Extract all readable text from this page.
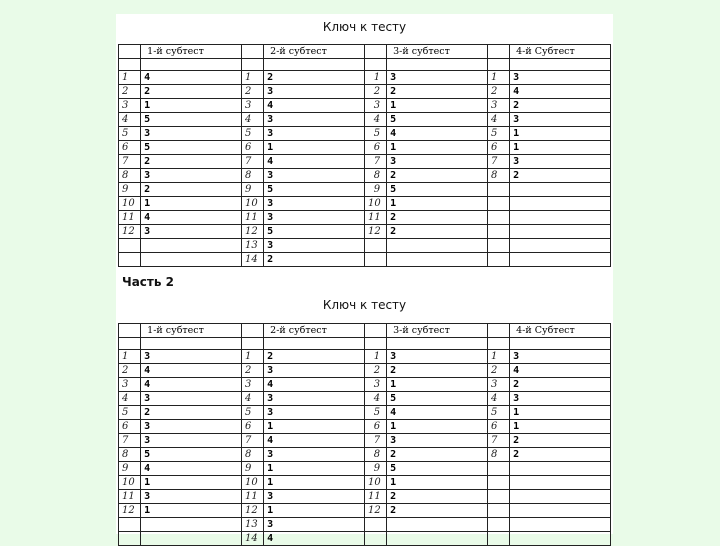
Ключ к тесту
	1-й субтест		2-й субтест		3-й субтест		4-й Субтест

1	4	1	2	1	3	1	3
2	2	2	3	2	2	2	4
3	1	3	4	3	1	3	2
4	5	4	3	4	5	4	3
5	3	5	3	5	4	5	1
6	5	6	1	6	1	6	1
7	2	7	4	7	3	7	3
8	3	8	3	8	2	8	2
9	2	9	5	9	5		
10	1	10	3	10	1		
11	4	11	3	11	2		
12	3	12	5	12	2		
		13	3				
		14	2				
Часть 2
Ключ к тесту
	1-й субтест		2-й субтест		3-й субтест		4-й Субтест

1	3	1	2	1	3	1	3
2	4	2	3	2	2	2	4
3	4	3	4	3	1	3	2
4	3	4	3	4	5	4	3
5	2	5	3	5	4	5	1
6	3	6	1	6	1	6	1
7	3	7	4	7	3	7	2
8	5	8	3	8	2	8	2
9	4	9	1	9	5		
10	1	10	1	10	1		
11	3	11	3	11	2		
12	1	12	1	12	2		
		13	3				
		14	4				
